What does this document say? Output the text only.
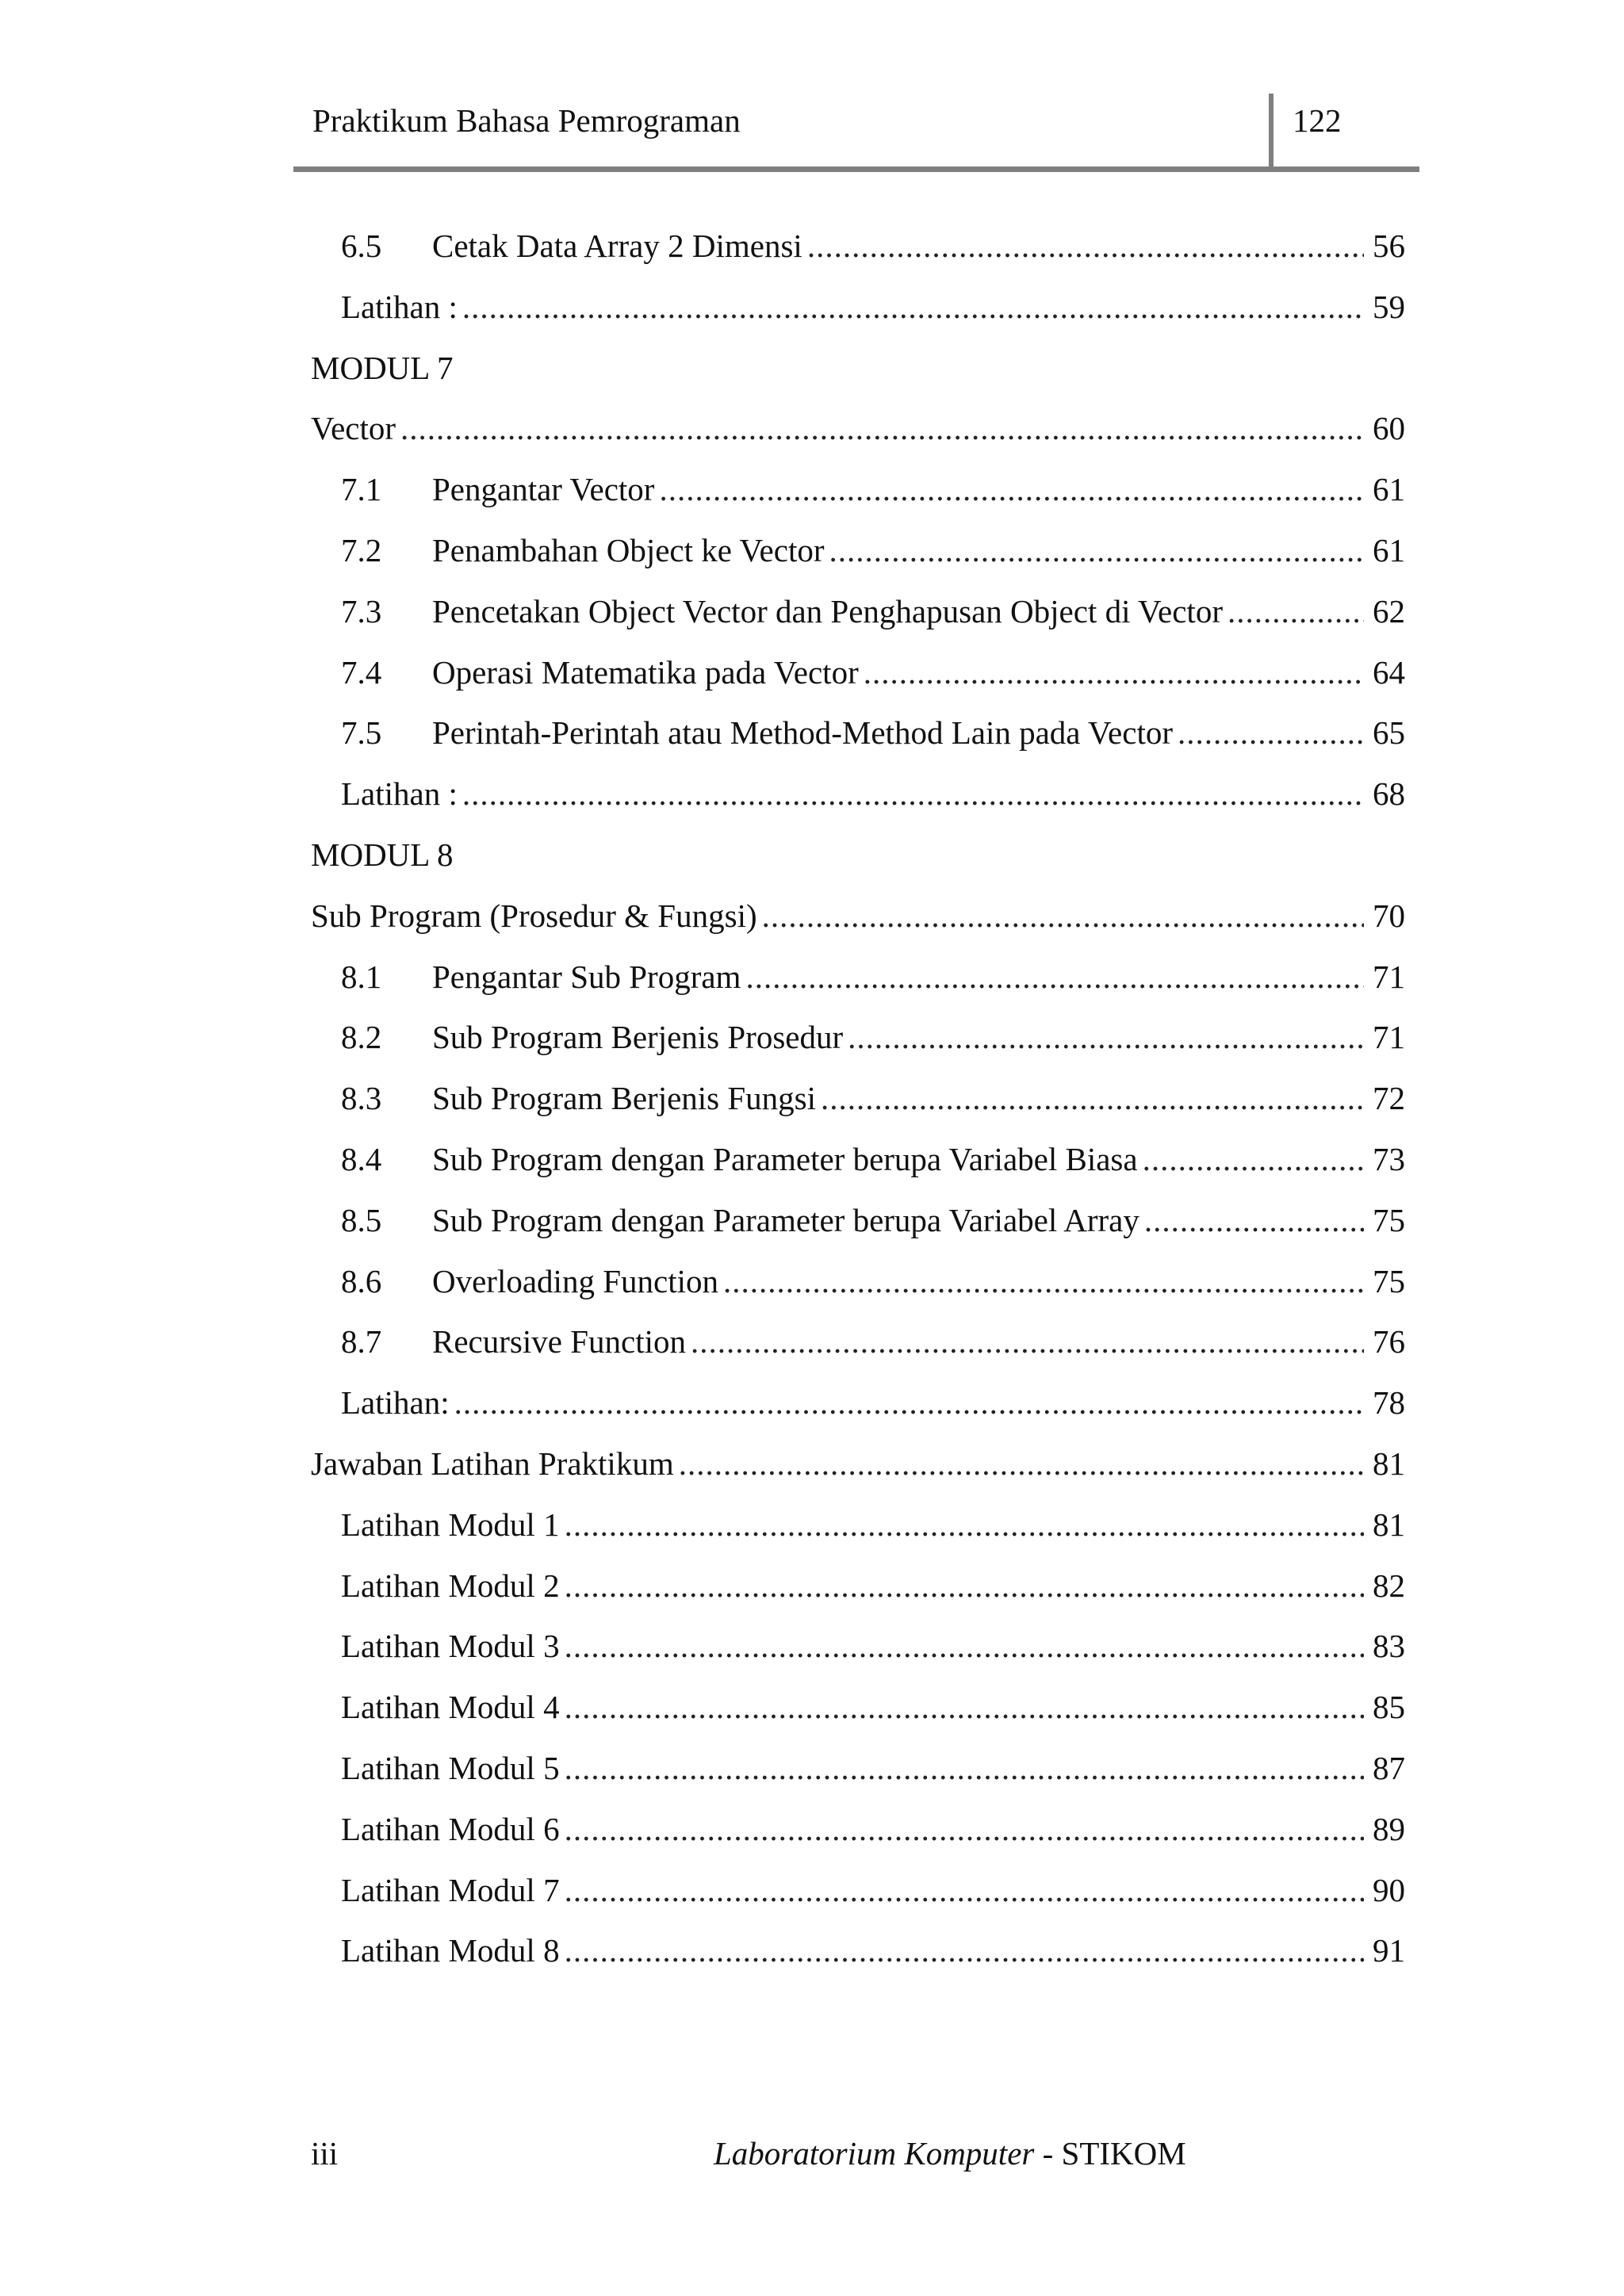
Praktikum Bahasa Pemrograman	122
6.5	Cetak Data Array 2 Dimensi .....	56
Latihan : .....	59
MODUL 7
Vector .....	60
7.1	Pengantar Vector .....	61
7.2	Penambahan Object ke Vector .....	61
7.3	Pencetakan Object Vector dan Penghapusan Object di Vector .....	62
7.4	Operasi Matematika pada Vector .....	64
7.5	Perintah-Perintah atau Method-Method Lain pada Vector .....	65
Latihan : .....	68
MODUL 8
Sub Program (Prosedur & Fungsi) .....	70
8.1	Pengantar Sub Program .....	71
8.2	Sub Program Berjenis Prosedur .....	71
8.3	Sub Program Berjenis Fungsi .....	72
8.4	Sub Program dengan Parameter berupa Variabel Biasa .....	73
8.5	Sub Program dengan Parameter berupa Variabel Array .....	75
8.6	Overloading Function .....	75
8.7	Recursive Function .....	76
Latihan: .....	78
Jawaban Latihan Praktikum .....	81
Latihan Modul 1 .....	81
Latihan Modul 2 .....	82
Latihan Modul 3 .....	83
Latihan Modul 4 .....	85
Latihan Modul 5 .....	87
Latihan Modul 6 .....	89
Latihan Modul 7 .....	90
Latihan Modul 8 .....	91
iii	Laboratorium Komputer - STIKOM
